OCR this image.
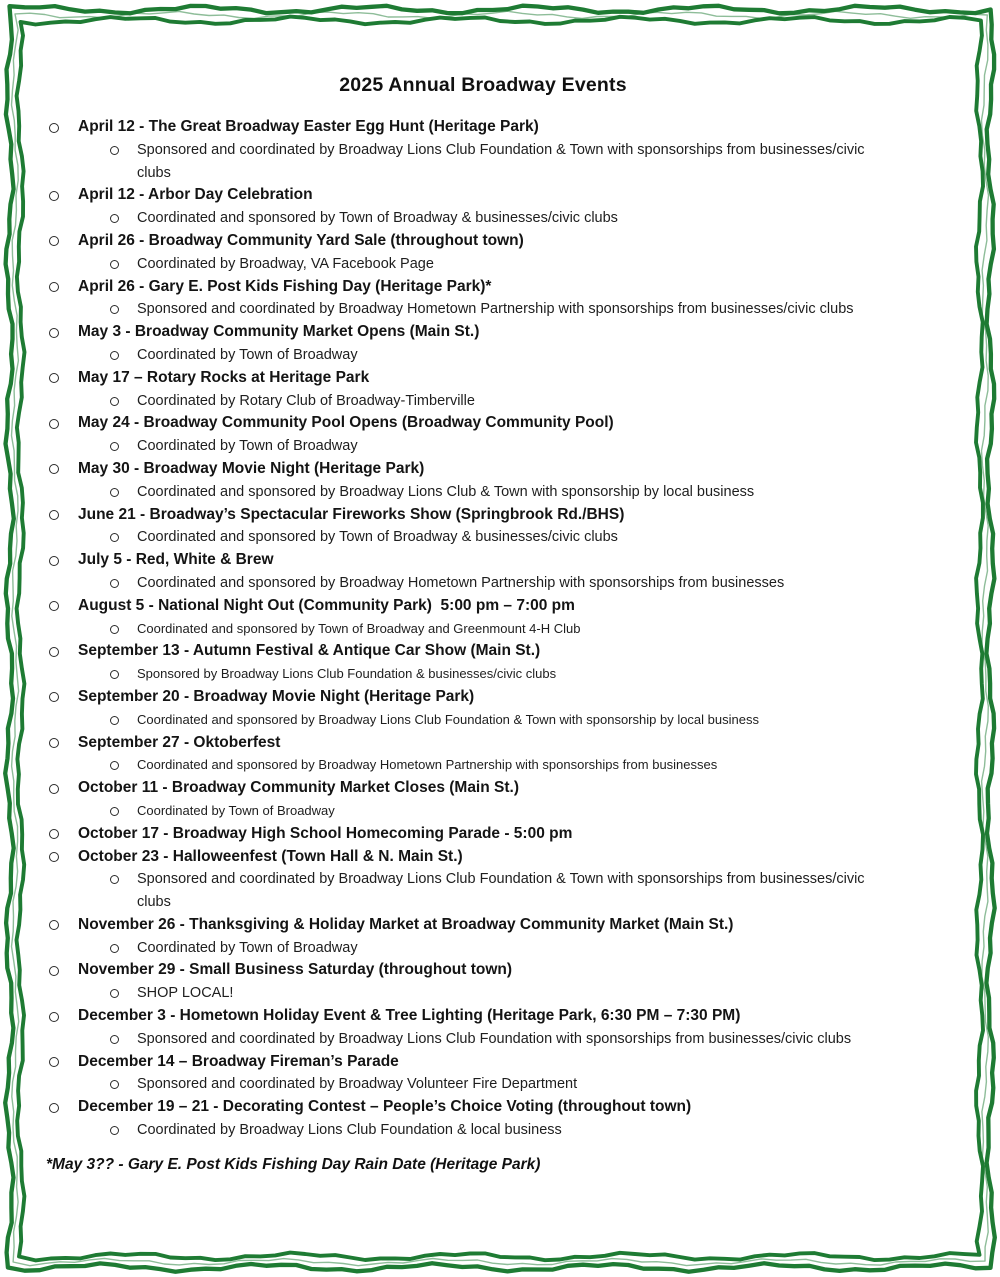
2025 Annual Broadway Events
April 12 - The Great Broadway Easter Egg Hunt (Heritage Park)
Sponsored and coordinated by Broadway Lions Club Foundation & Town with sponsorships from businesses/civic clubs
April 12 - Arbor Day Celebration
Coordinated and sponsored by Town of Broadway & businesses/civic clubs
April 26 - Broadway Community Yard Sale (throughout town)
Coordinated by Broadway, VA Facebook Page
April 26 - Gary E. Post Kids Fishing Day (Heritage Park)*
Sponsored and coordinated by Broadway Hometown Partnership with sponsorships from businesses/civic clubs
May 3 - Broadway Community Market Opens (Main St.)
Coordinated by Town of Broadway
May 17 – Rotary Rocks at Heritage Park
Coordinated by Rotary Club of Broadway-Timberville
May 24 - Broadway Community Pool Opens (Broadway Community Pool)
Coordinated by Town of Broadway
May 30 - Broadway Movie Night (Heritage Park)
Coordinated and sponsored by Broadway Lions Club & Town with sponsorship by local business
June 21 - Broadway’s Spectacular Fireworks Show (Springbrook Rd./BHS)
Coordinated and sponsored by Town of Broadway & businesses/civic clubs
July 5 - Red, White & Brew
Coordinated and sponsored by Broadway Hometown Partnership with sponsorships from businesses
August 5 - National Night Out (Community Park)  5:00 pm – 7:00 pm
Coordinated and sponsored by Town of Broadway and Greenmount 4-H Club
September 13 - Autumn Festival & Antique Car Show (Main St.)
Sponsored by Broadway Lions Club Foundation & businesses/civic clubs
September 20 - Broadway Movie Night (Heritage Park)
Coordinated and sponsored by Broadway Lions Club Foundation & Town with sponsorship by local business
September 27 - Oktoberfest
Coordinated and sponsored by Broadway Hometown Partnership with sponsorships from businesses
October 11 - Broadway Community Market Closes (Main St.)
Coordinated by Town of Broadway
October 17 - Broadway High School Homecoming Parade - 5:00 pm
October 23 - Halloweenfest (Town Hall & N. Main St.)
Sponsored and coordinated by Broadway Lions Club Foundation & Town with sponsorships from businesses/civic clubs
November 26 - Thanksgiving & Holiday Market at Broadway Community Market (Main St.)
Coordinated by Town of Broadway
November 29 - Small Business Saturday (throughout town)
SHOP LOCAL!
December 3 - Hometown Holiday Event & Tree Lighting (Heritage Park, 6:30 PM – 7:30 PM)
Sponsored and coordinated by Broadway Lions Club Foundation with sponsorships from businesses/civic clubs
December 14 – Broadway Fireman’s Parade
Sponsored and coordinated by Broadway Volunteer Fire Department
December 19 – 21 - Decorating Contest – People’s Choice Voting (throughout town)
Coordinated by Broadway Lions Club Foundation & local business

*May 3?? - Gary E. Post Kids Fishing Day Rain Date (Heritage Park)
